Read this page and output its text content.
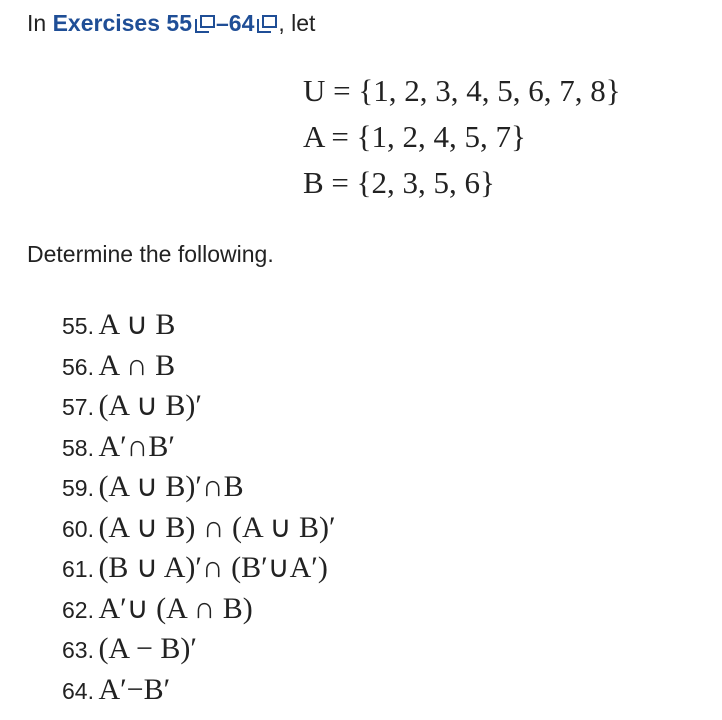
In Exercises 55 –64 , let
U = {1, 2, 3, 4, 5, 6, 7, 8}
A = {1, 2, 4, 5, 7}
B = {2, 3, 5, 6}
Determine the following.
55. A ∪ B
56. A ∩ B
57. (A ∪ B)′
58. A′∩B′
59. (A ∪ B)′∩B
60. (A ∪ B) ∩ (A ∪ B)′
61. (B ∪ A)′∩ (B′∪A′)
62. A′∪ (A ∩ B)
63. (A − B)′
64. A′−B′
